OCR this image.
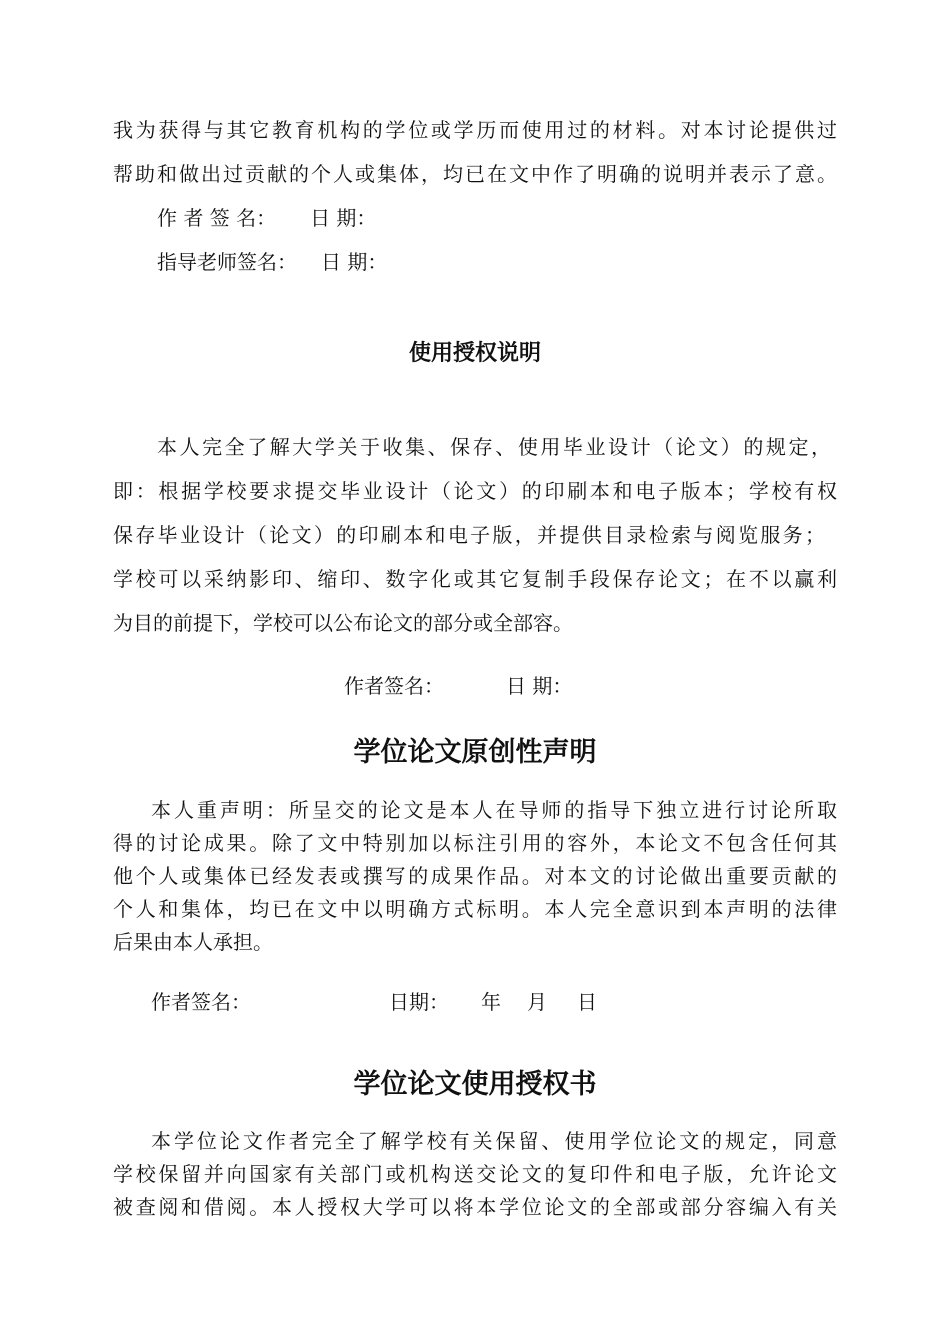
我为获得与其它教育机构的学位或学历而使用过的材料。对本讨论提供过
帮助和做出过贡献的个人或集体，均已在文中作了明确的说明并表示了意。
作 者 签 名： 日 期：
指导老师签名： 日 期：
使用授权说明
本人完全了解大学关于收集、保存、使用毕业设计（论文）的规定，
即：根据学校要求提交毕业设计（论文）的印刷本和电子版本；学校有权
保存毕业设计（论文）的印刷本和电子版，并提供目录检索与阅览服务；
学校可以采纳影印、缩印、数字化或其它复制手段保存论文；在不以赢利
为目的前提下，学校可以公布论文的部分或全部容。
作者签名：	日 期：
学位论文原创性声明
本人重声明：所呈交的论文是本人在导师的指导下独立进行讨论所取
得的讨论成果。除了文中特别加以标注引用的容外，本论文不包含任何其
他个人或集体已经发表或撰写的成果作品。对本文的讨论做出重要贡献的
个人和集体，均已在文中以明确方式标明。本人完全意识到本声明的法律
后果由本人承担。
作者签名：	日期： 年 月 日
学位论文使用授权书
本学位论文作者完全了解学校有关保留、使用学位论文的规定，同意
学校保留并向国家有关部门或机构送交论文的复印件和电子版，允许论文
被查阅和借阅。本人授权大学可以将本学位论文的全部或部分容编入有关
